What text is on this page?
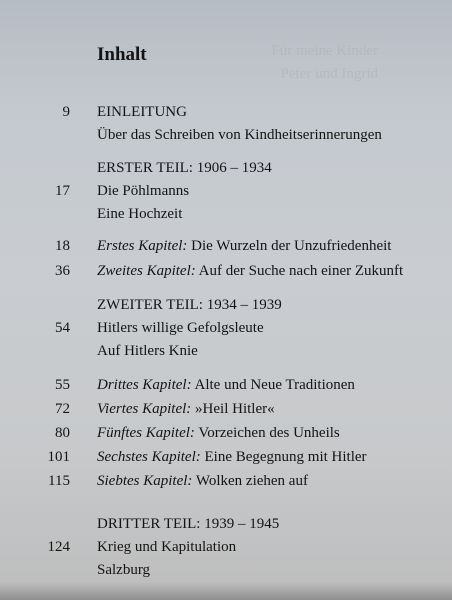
Für meine Kinder
Peter und Ingrid
Inhalt
9 EINLEITUNG
Über das Schreiben von Kindheitserinnerungen
ERSTER TEIL: 1906 – 1934
17 Die Pöhlmanns
Eine Hochzeit
18 Erstes Kapitel: Die Wurzeln der Unzufriedenheit
36 Zweites Kapitel: Auf der Suche nach einer Zukunft
ZWEITER TEIL: 1934 – 1939
54 Hitlers willige Gefolgsleute
Auf Hitlers Knie
55 Drittes Kapitel: Alte und Neue Traditionen
72 Viertes Kapitel: »Heil Hitler«
80 Fünftes Kapitel: Vorzeichen des Unheils
101 Sechstes Kapitel: Eine Begegnung mit Hitler
115 Siebtes Kapitel: Wolken ziehen auf
DRITTER TEIL: 1939 – 1945
124 Krieg und Kapitulation
Salzburg
